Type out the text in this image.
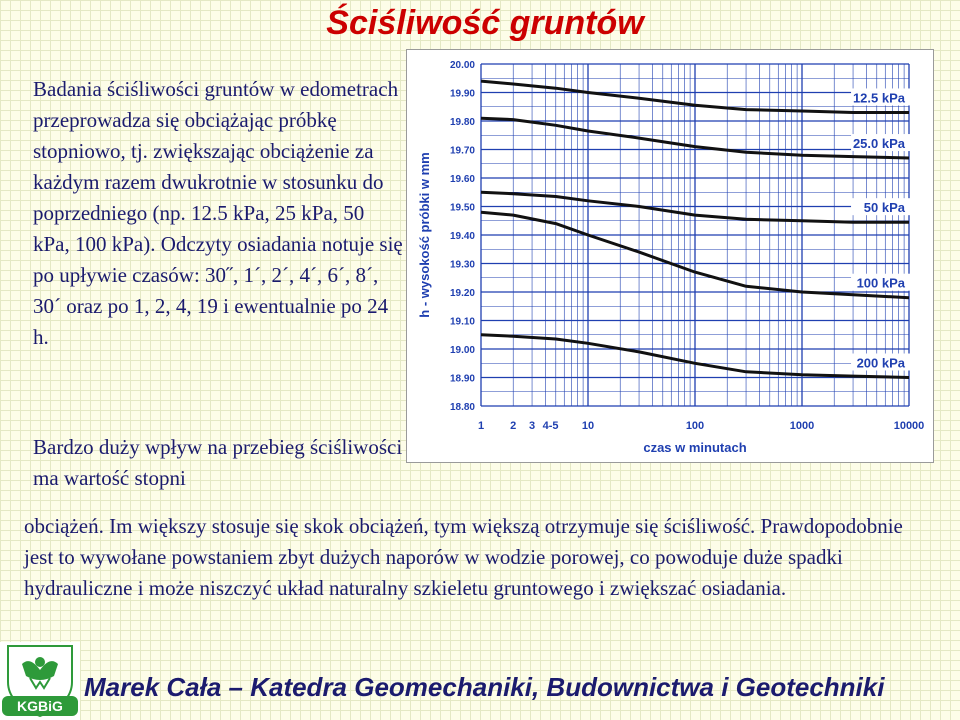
Ściśliwość gruntów

Badania ściśliwości gruntów w edometrach przeprowadza się obciążając próbkę stopniowo, tj. zwiększając obciążenie za każdym razem dwukrotnie w stosunku do poprzedniego (np. 12.5 kPa, 25 kPa, 50 kPa, 100 kPa). Odczyty osiadania notuje się po upływie czasów: 30˝, 1´, 2´, 4´, 6´, 8´, 30´ oraz po 1, 2, 4, 19 i ewentualnie po 24 h.

Bardzo duży wpływ na przebieg ściśliwości ma wartość stopni

20.00
19.90
19.80
19.70
19.60
19.50
19.40
19.30
19.20
19.10
19.00
18.90
18.80
1 2 3 4-5 10	100	1000	10000
czas w minutach
h - wysokość próbki w mm
12.5 kPa
25.0 kPa
50 kPa
100 kPa
200 kPa

obciążeń. Im większy stosuje się skok obciążeń, tym większą otrzymuje się ściśliwość. Prawdopodobnie jest to wywołane powstaniem zbyt dużych naporów w wodzie porowej, co powoduje duże spadki hydrauliczne i może niszczyć układ naturalny szkieletu gruntowego i zwiększać osiadania.

KGBiG
Marek Cała – Katedra Geomechaniki, Budownictwa i Geotechniki
